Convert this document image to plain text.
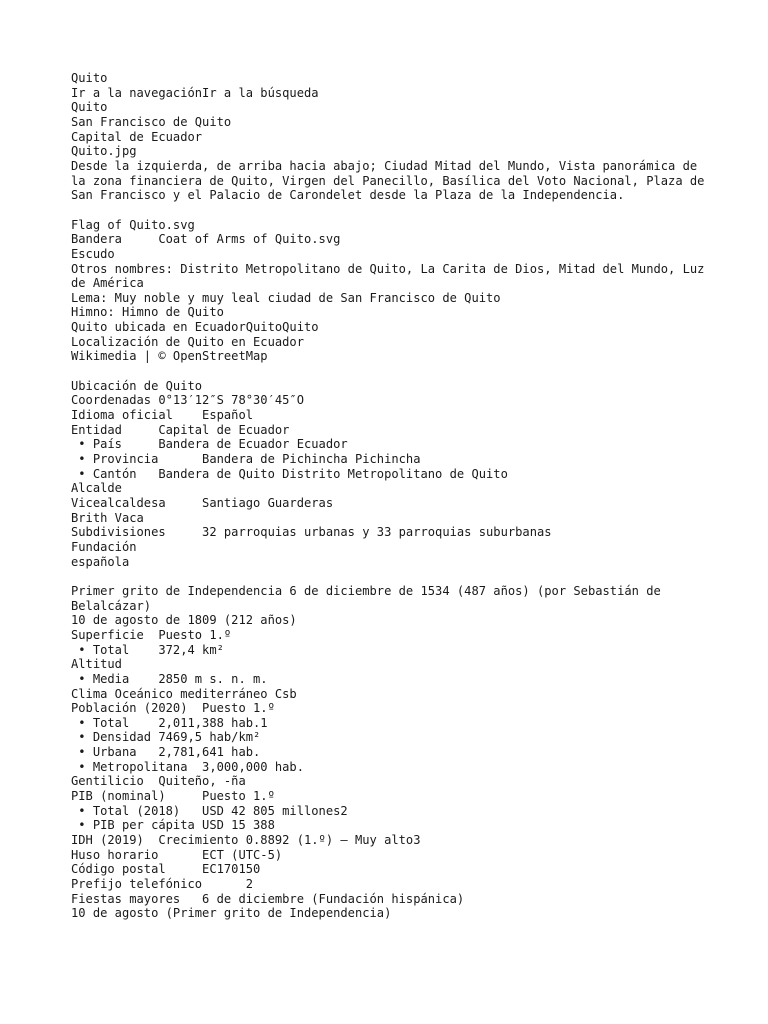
Quito
Ir a la navegaciónIr a la búsqueda
Quito
San Francisco de Quito
Capital de Ecuador
Quito.jpg
Desde la izquierda, de arriba hacia abajo; Ciudad Mitad del Mundo, Vista panorámica de la zona financiera de Quito, Virgen del Panecillo, Basílica del Voto Nacional, Plaza de San Francisco y el Palacio de Carondelet desde la Plaza de la Independencia.
Flag of Quito.svg
Bandera     Coat of Arms of Quito.svg
Escudo
Otros nombres: Distrito Metropolitano de Quito, La Carita de Dios, Mitad del Mundo, Luz de América
Lema: Muy noble y muy leal ciudad de San Francisco de Quito
Himno: Himno de Quito
Quito ubicada en EcuadorQuitoQuito
Localización de Quito en Ecuador
Wikimedia | © OpenStreetMap
Ubicación de Quito
Coordenadas 0°13′12″S 78°30′45″O
Idioma oficial    Español
Entidad     Capital de Ecuador
• País     Bandera de Ecuador Ecuador
• Provincia      Bandera de Pichincha Pichincha
• Cantón   Bandera de Quito Distrito Metropolitano de Quito
Alcalde
Vicealcaldesa     Santiago Guarderas
Brith Vaca
Subdivisiones     32 parroquias urbanas y 33 parroquias suburbanas
Fundación
española
Primer grito de Independencia 6 de diciembre de 1534 (487 años) (por Sebastián de Belalcázar)
10 de agosto de 1809 (212 años)
Superficie  Puesto 1.º
• Total    372,4 km²
Altitud
• Media    2850 m s. n. m.
Clima Oceánico mediterráneo Csb
Población (2020)  Puesto 1.º
• Total    2,011,388 hab.1
• Densidad 7469,5 hab/km²
• Urbana   2,781,641 hab.
• Metropolitana  3,000,000 hab.
Gentilicio  Quiteño, -ña
PIB (nominal)     Puesto 1.º
• Total (2018)   USD 42 805 millones2
• PIB per cápita USD 15 388
IDH (2019)  Crecimiento 0.8892 (1.º) – Muy alto3
Huso horario      ECT (UTC-5)
Código postal     EC170150
Prefijo telefónico      2
Fiestas mayores   6 de diciembre (Fundación hispánica)
10 de agosto (Primer grito de Independencia)
